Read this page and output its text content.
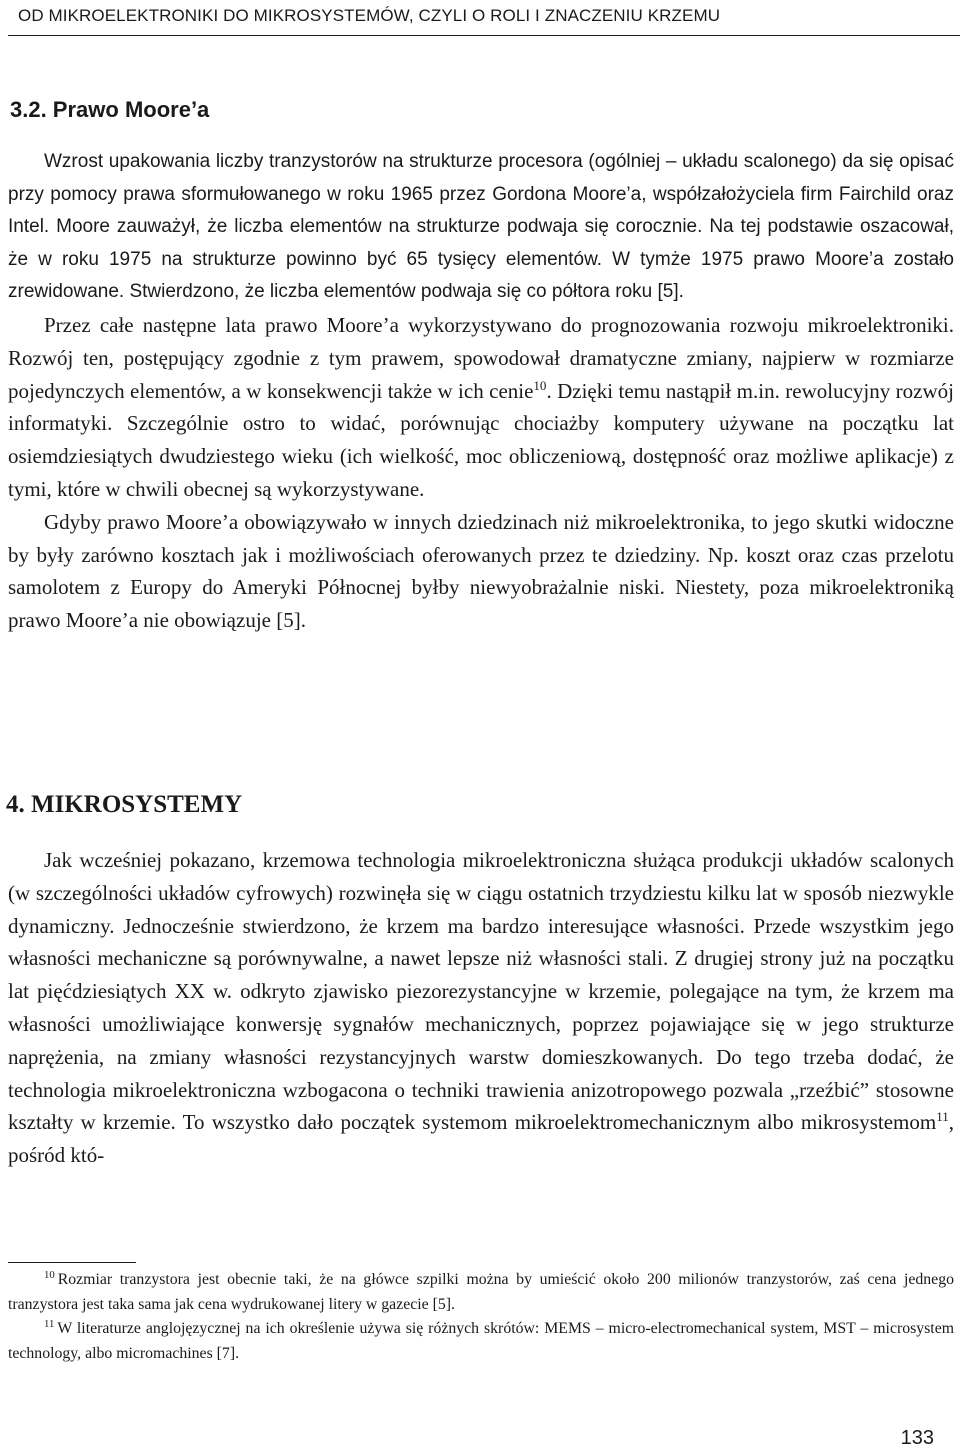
OD MIKROELEKTRONIKI DO MIKROSYSTEMÓW, CZYLI O ROLI I ZNACZENIU KRZEMU
3.2. Prawo Moore’a

Wzrost upakowania liczby tranzystorów na strukturze procesora (ogólniej – układu scalonego) da się opisać przy pomocy prawa sformułowanego w roku 1965 przez Gordona Moore’a, współzałożyciela firm Fairchild oraz Intel. Moore zauważył, że liczba elementów na strukturze podwaja się corocznie. Na tej podstawie oszacował, że w roku 1975 na strukturze powinno być 65 tysięcy elementów. W tymże 1975 prawo Moore’a zostało zrewidowane. Stwierdzono, że liczba elementów podwaja się co półtora roku [5].

Przez całe następne lata prawo Moore’a wykorzystywano do prognozowania rozwoju mikroelektroniki. Rozwój ten, postępujący zgodnie z tym prawem, spowodował dramatyczne zmiany, najpierw w rozmiarze pojedynczych elementów, a w konsekwencji także w ich cenie$^{10}$. Dzięki temu nastąpił m.in. rewolucyjny rozwój informatyki. Szczególnie ostro to widać, porównując chociażby komputery używane na początku lat osiemdziesiątych dwudziestego wieku (ich wielkość, moc obliczeniową, dostępność oraz możliwe aplikacje) z tymi, które w chwili obecnej są wykorzystywane.

Gdyby prawo Moore’a obowiązywało w innych dziedzinach niż mikroelektronika, to jego skutki widoczne by były zarówno kosztach jak i możliwościach oferowanych przez te dziedziny. Np. koszt oraz czas przelotu samolotem z Europy do Ameryki Północnej byłby niewyobrażalnie niski. Niestety, poza mikroelektroniką prawo Moore’a nie obowiązuje [5].

4. MIKROSYSTEMY

Jak wcześniej pokazano, krzemowa technologia mikroelektroniczna służąca produkcji układów scalonych (w szczególności układów cyfrowych) rozwinęła się w ciągu ostatnich trzydziestu kilku lat w sposób niezwykle dynamiczny. Jednocześnie stwierdzono, że krzem ma bardzo interesujące własności. Przede wszystkim jego własności mechaniczne są porównywalne, a nawet lepsze niż własności stali. Z drugiej strony już na początku lat pięćdziesiątych XX w. odkryto zjawisko piezorezystancyjne w krzemie, polegające na tym, że krzem ma własności umożliwiające konwersję sygnałów mechanicznych, poprzez pojawiające się w jego strukturze naprężenia, na zmiany własności rezystancyjnych warstw domieszkowanych. Do tego trzeba dodać, że technologia mikroelektroniczna wzbogacona o techniki trawienia anizotropowego pozwala „rzeźbić” stosowne kształty w krzemie. To wszystko dało początek systemom mikroelektromechanicznym albo mikrosystemom$^{11}$, pośród któ-

$^{10}$ Rozmiar tranzystora jest obecnie taki, że na główce szpilki można by umieścić około 200 milionów tranzystorów, zaś cena jednego tranzystora jest taka sama jak cena wydrukowanej litery w gazecie [5].

$^{11}$ W literaturze anglojęzycznej na ich określenie używa się różnych skrótów: MEMS – micro-electromechanical system, MST – microsystem technology, albo micromachines [7].

133
